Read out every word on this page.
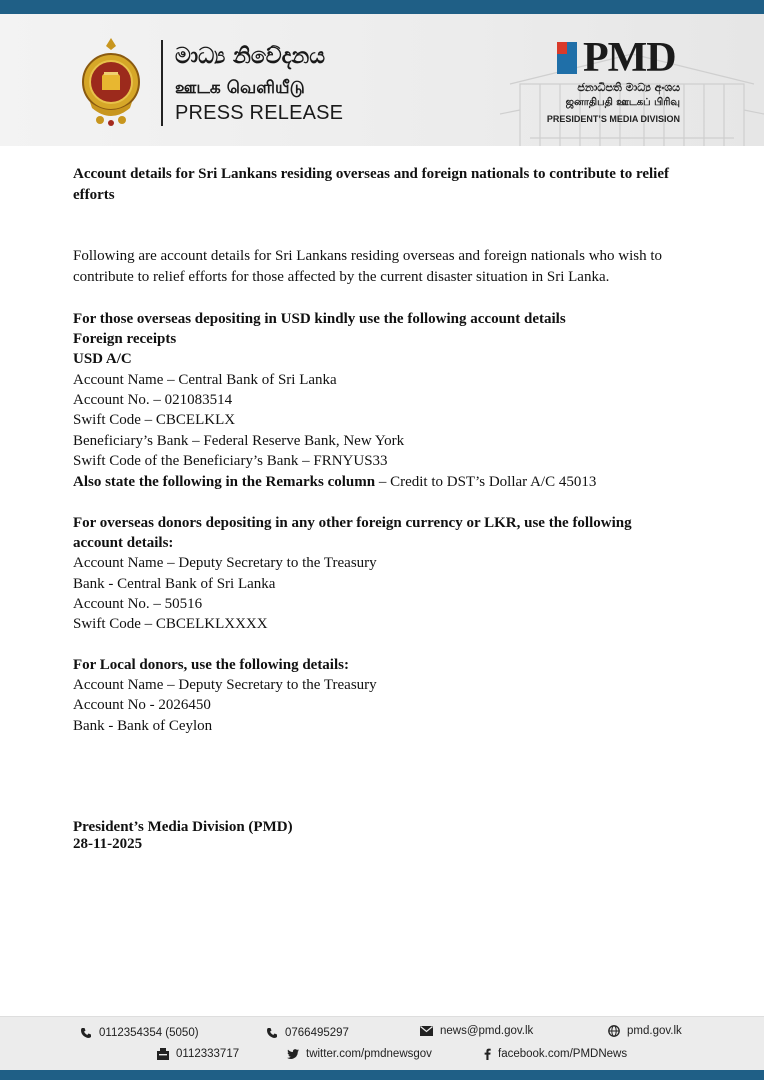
මාධ්‍ය නිවේදනය
ஊடக வெளியீடு
PRESS RELEASE
PMD
ජනාධිපති මාධ්‍ය අංශය
ஜனாதிபதி ஊடகப் பிரிவு
PRESIDENT’S MEDIA DIVISION
Account details for Sri Lankans residing overseas and foreign nationals to contribute to relief
efforts
Following are account details for Sri Lankans residing overseas and foreign nationals who wish to
contribute to relief efforts for those affected by the current disaster situation in Sri Lanka.
For those overseas depositing in USD kindly use the following account details
Foreign receipts
USD A/C
Account Name – Central Bank of Sri Lanka
Account No. – 021083514
Swift Code – CBCELKLX
Beneficiary’s Bank – Federal Reserve Bank, New York
Swift Code of the Beneficiary’s Bank – FRNYUS33
Also state the following in the Remarks column – Credit to DST’s Dollar A/C 45013
For overseas donors depositing in any other foreign currency or LKR, use the following
account details:
Account Name – Deputy Secretary to the Treasury
Bank - Central Bank of Sri Lanka
Account No. – 50516
Swift Code – CBCELKLXXXX
For Local donors, use the following details:
Account Name – Deputy Secretary to the Treasury
Account No - 2026450
Bank - Bank of Ceylon
President’s Media Division (PMD)
28-11-2025
0112354354 (5050)	0766495297	news@pmd.gov.lk	pmd.gov.lk
0112333717	twitter.com/pmdnewsgov	facebook.com/PMDNews
